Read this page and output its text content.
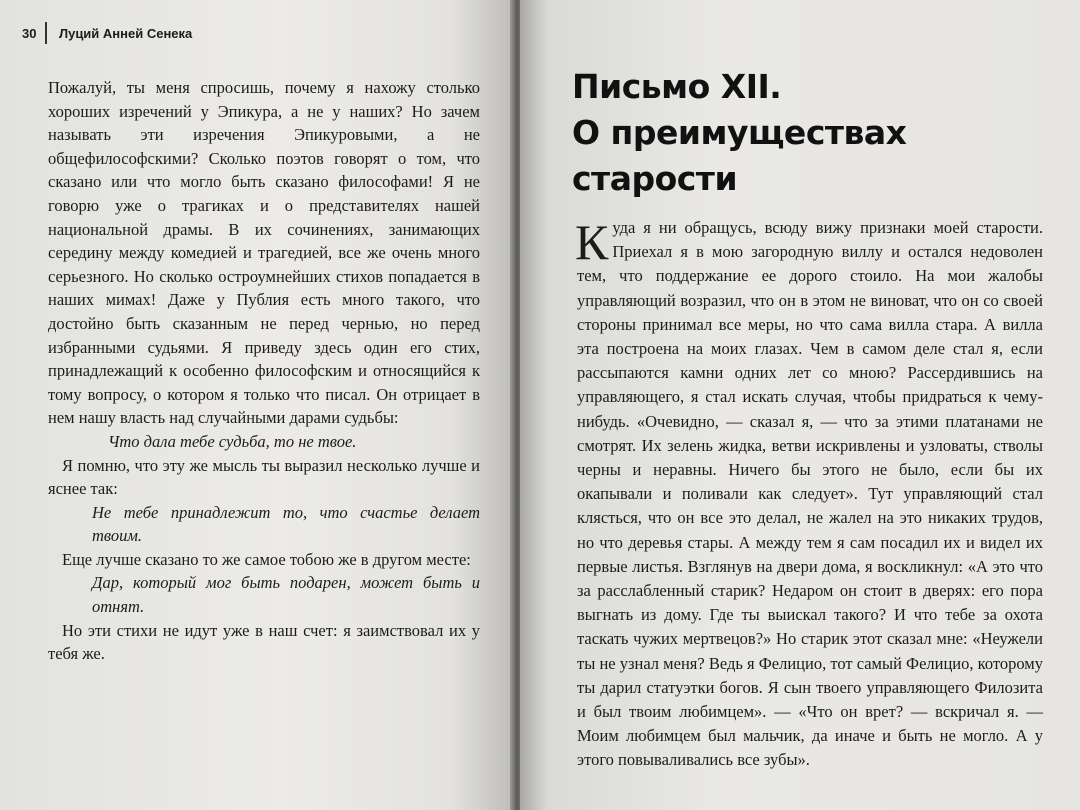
30 Луций Анней Сенека

Пожалуй, ты меня спросишь, почему я нахожу столько хороших изречений у Эпикура, а не у наших? Но зачем называть эти изречения Эпикуровыми, а не общефилософскими? Сколько поэтов говорят о том, что сказано или что могло быть сказано философами! Я не говорю уже о трагиках и о представителях нашей национальной драмы. В их сочинениях, занимающих середину между комедией и трагедией, все же очень много серьезного. Но сколько остроумнейших стихов попадается в наших мимах! Даже у Публия есть много такого, что достойно быть сказанным не перед чернью, но перед избранными судьями. Я приведу здесь один его стих, принадлежащий к особенно философским и относящийся к тому вопросу, о котором я только что писал. Он отрицает в нем нашу власть над случайными дарами судьбы:

Что дала тебе судьба, то не твое.

Я помню, что эту же мысль ты выразил несколько лучше и яснее так:

Не тебе принадлежит то, что счастье делает твоим.

Еще лучше сказано то же самое тобою же в другом месте:

Дар, который мог быть подарен, может быть и отнят.

Но эти стихи не идут уже в наш счет: я заимствовал их у тебя же.

Письмо XII.
О преимуществах
старости

Куда я ни обращусь, всюду вижу признаки моей старости. Приехал я в мою загородную виллу и остался недоволен тем, что поддержание ее дорого стоило. На мои жалобы управляющий возразил, что он в этом не виноват, что он со своей стороны принимал все меры, но что сама вилла стара. А вилла эта построена на моих глазах. Чем в самом деле стал я, если рассыпаются камни одних лет со мною? Рассердившись на управляющего, я стал искать случая, чтобы придраться к чему-нибудь. «Очевидно, — сказал я, — что за этими платанами не смотрят. Их зелень жидка, ветви искривлены и узловаты, стволы черны и неравны. Ничего бы этого не было, если бы их окапывали и поливали как следует». Тут управляющий стал клясться, что он все это делал, не жалел на это никаких трудов, но что деревья стары. А между тем я сам посадил их и видел их первые листья. Взглянув на двери дома, я воскликнул: «А это что за расслабленный старик? Недаром он стоит в дверях: его пора выгнать из дому. Где ты выискал такого? И что тебе за охота таскать чужих мертвецов?» Но старик этот сказал мне: «Неужели ты не узнал меня? Ведь я Фелицио, тот самый Фелицио, которому ты дарил статуэтки богов. Я сын твоего управляющего Филозита и был твоим любимцем». — «Что он врет? — вскричал я. — Моим любимцем был мальчик, да иначе и быть не могло. А у этого повываливались все зубы».
